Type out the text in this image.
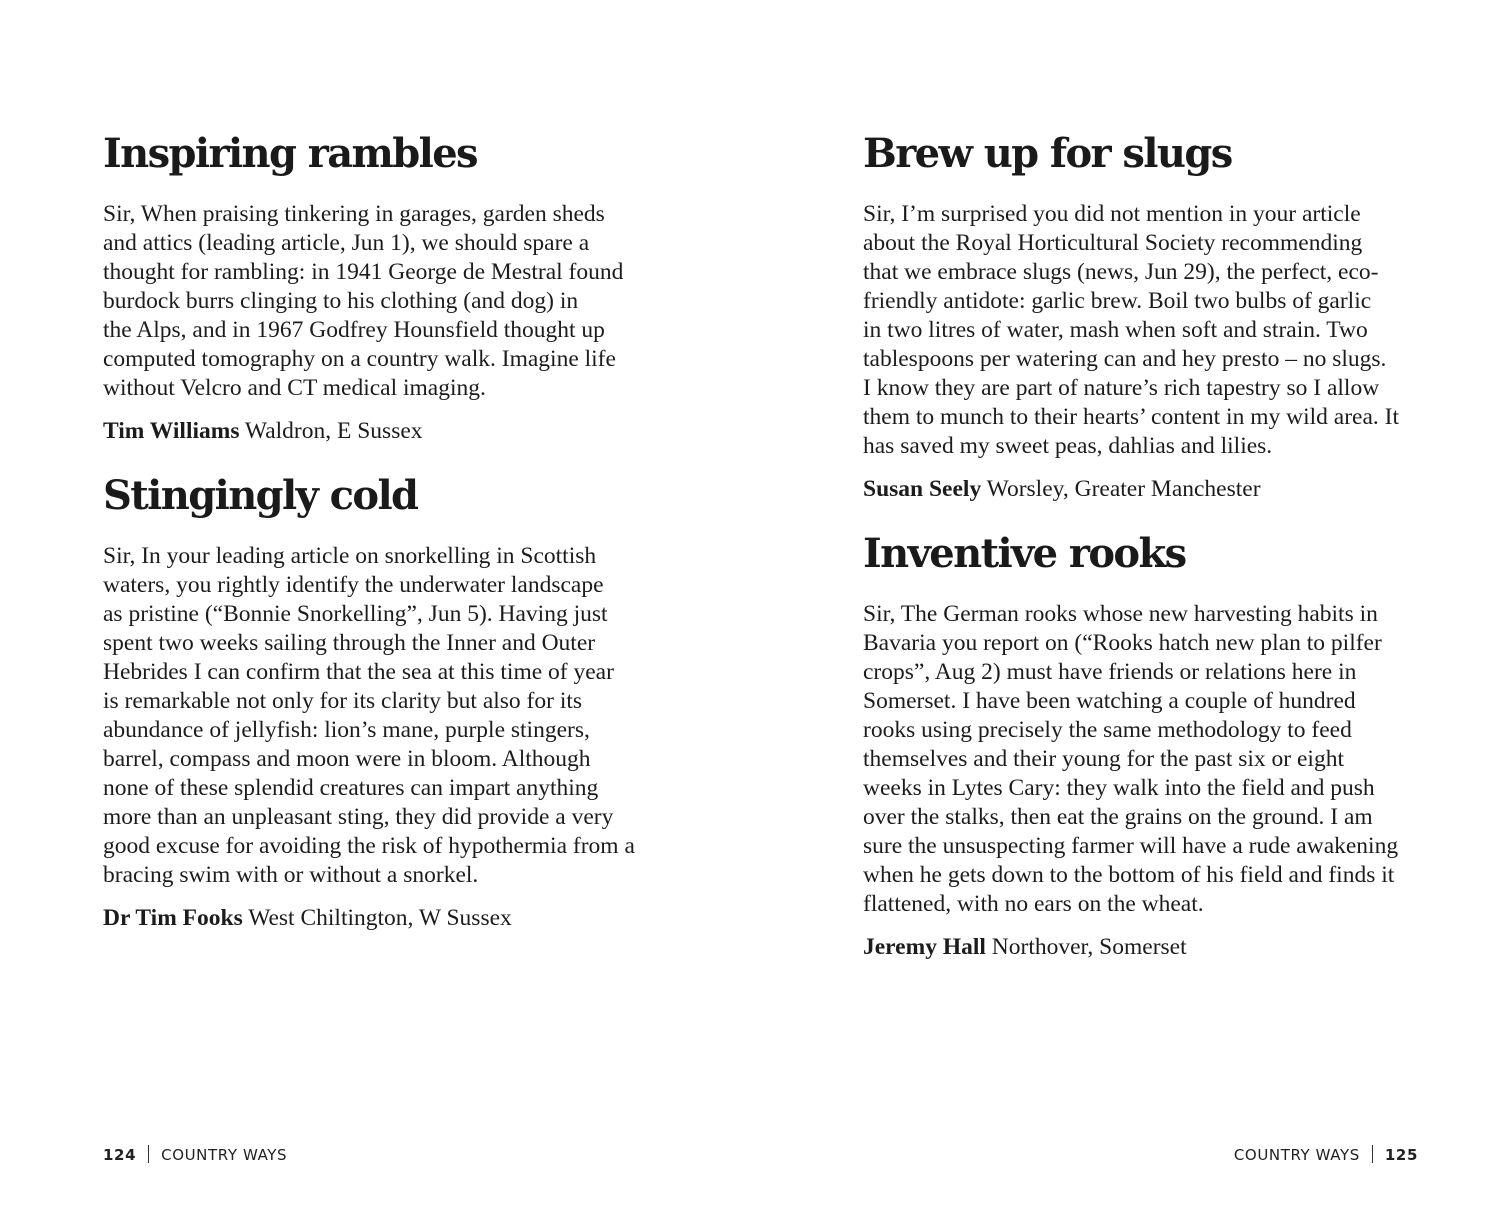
Inspiring rambles

Sir, When praising tinkering in garages, garden sheds
and attics (leading article, Jun 1), we should spare a
thought for rambling: in 1941 George de Mestral found
burdock burrs clinging to his clothing (and dog) in
the Alps, and in 1967 Godfrey Hounsfield thought up
computed tomography on a country walk. Imagine life
without Velcro and CT medical imaging.

Tim Williams Waldron, E Sussex

Stingingly cold

Sir, In your leading article on snorkelling in Scottish
waters, you rightly identify the underwater landscape
as pristine (“Bonnie Snorkelling”, Jun 5). Having just
spent two weeks sailing through the Inner and Outer
Hebrides I can confirm that the sea at this time of year
is remarkable not only for its clarity but also for its
abundance of jellyfish: lion’s mane, purple stingers,
barrel, compass and moon were in bloom. Although
none of these splendid creatures can impart anything
more than an unpleasant sting, they did provide a very
good excuse for avoiding the risk of hypothermia from a
bracing swim with or without a snorkel.

Dr Tim Fooks West Chiltington, W Sussex

124 COUNTRY WAYS
Brew up for slugs

Sir, I’m surprised you did not mention in your article
about the Royal Horticultural Society recommending
that we embrace slugs (news, Jun 29), the perfect, eco-
friendly antidote: garlic brew. Boil two bulbs of garlic
in two litres of water, mash when soft and strain. Two
tablespoons per watering can and hey presto – no slugs.
I know they are part of nature’s rich tapestry so I allow
them to munch to their hearts’ content in my wild area. It
has saved my sweet peas, dahlias and lilies.

Susan Seely Worsley, Greater Manchester

Inventive rooks

Sir, The German rooks whose new harvesting habits in
Bavaria you report on (“Rooks hatch new plan to pilfer
crops”, Aug 2) must have friends or relations here in
Somerset. I have been watching a couple of hundred
rooks using precisely the same methodology to feed
themselves and their young for the past six or eight
weeks in Lytes Cary: they walk into the field and push
over the stalks, then eat the grains on the ground. I am
sure the unsuspecting farmer will have a rude awakening
when he gets down to the bottom of his field and finds it
flattened, with no ears on the wheat.

Jeremy Hall Northover, Somerset

COUNTRY WAYS 125
